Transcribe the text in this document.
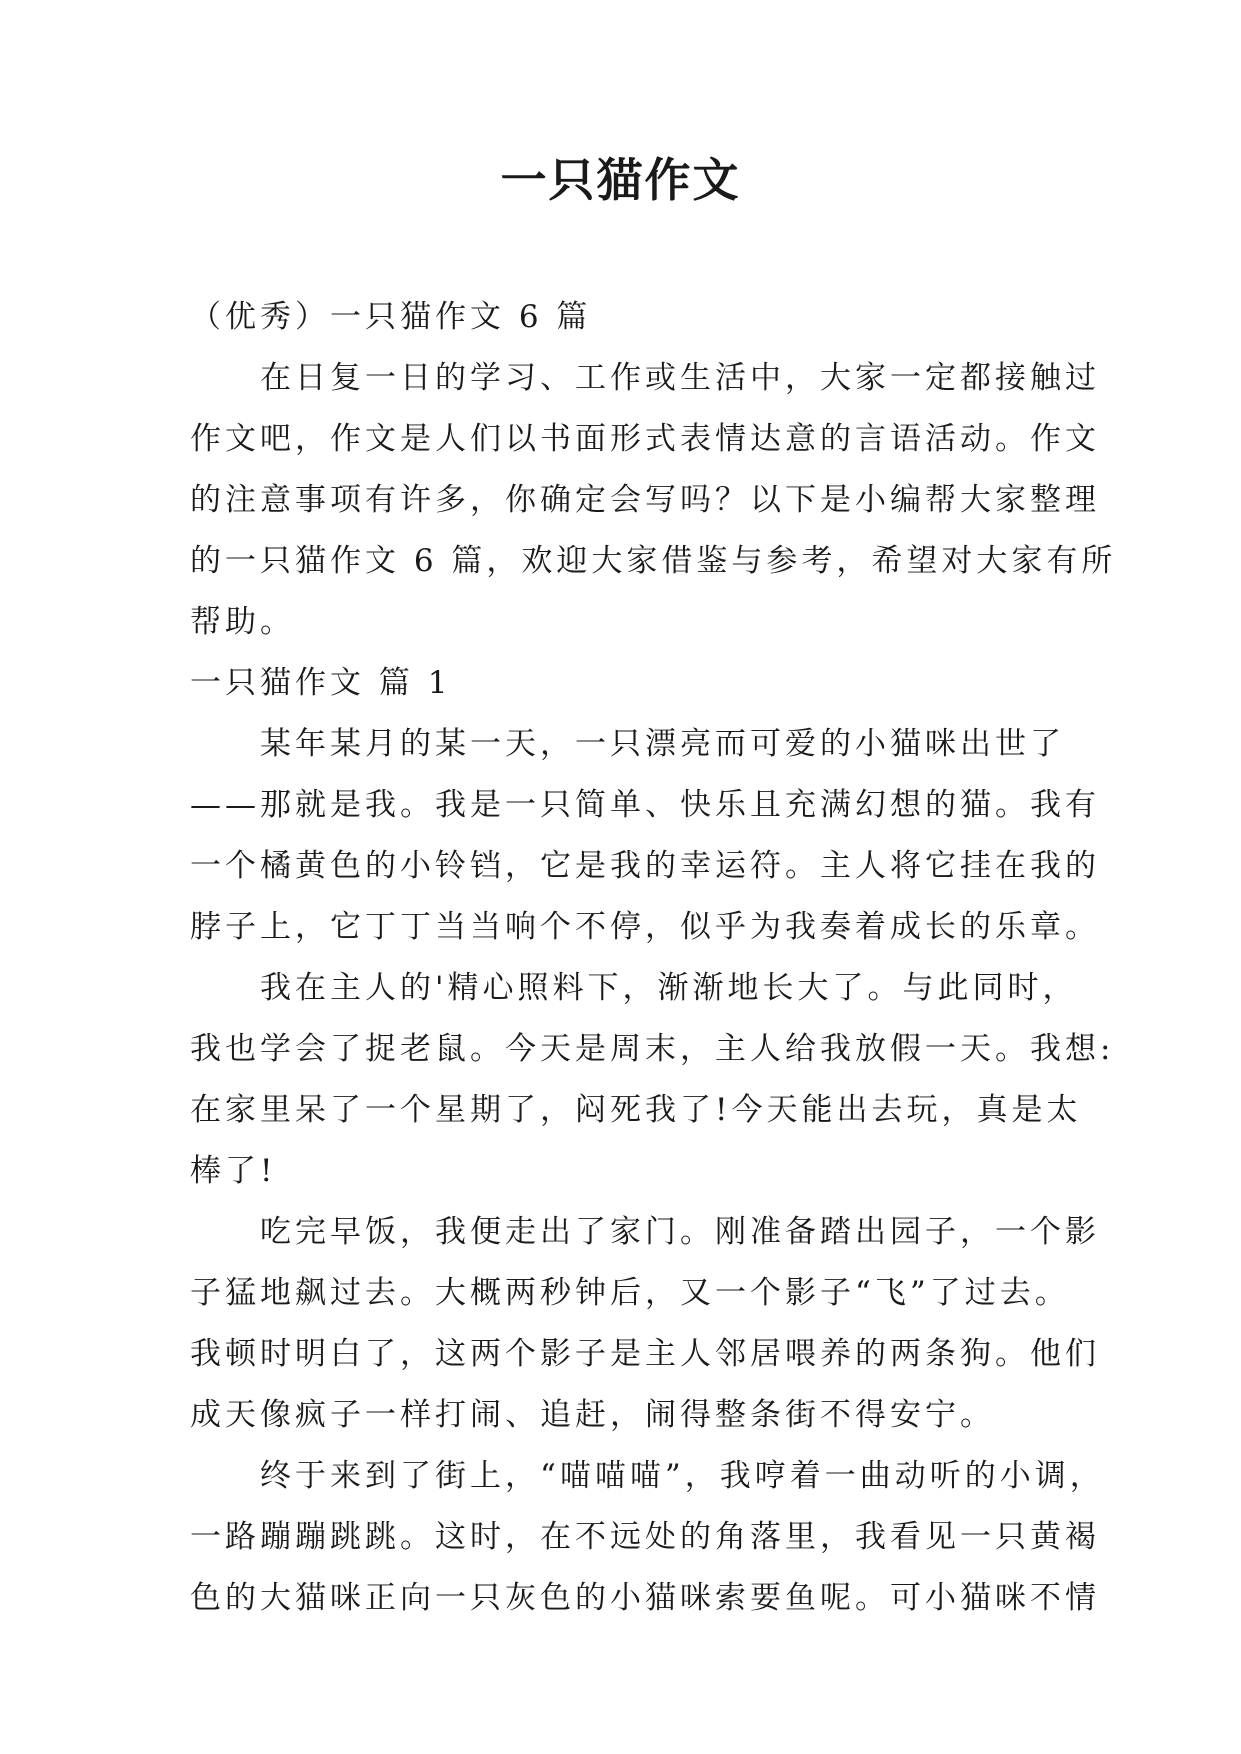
一只猫作文
（优秀）一只猫作文 6 篇
在日复一日的学习、工作或生活中，大家一定都接触过
作文吧，作文是人们以书面形式表情达意的言语活动。作文
的注意事项有许多，你确定会写吗？以下是小编帮大家整理
的一只猫作文 6 篇，欢迎大家借鉴与参考，希望对大家有所
帮助。
一只猫作文 篇 1
某年某月的某一天，一只漂亮而可爱的小猫咪出世了
——那就是我。我是一只简单、快乐且充满幻想的猫。我有
一个橘黄色的小铃铛，它是我的幸运符。主人将它挂在我的
脖子上，它丁丁当当响个不停，似乎为我奏着成长的乐章。
我在主人的'精心照料下，渐渐地长大了。与此同时，
我也学会了捉老鼠。今天是周末，主人给我放假一天。我想:
在家里呆了一个星期了，闷死我了!今天能出去玩，真是太
棒了!
吃完早饭，我便走出了家门。刚准备踏出园子，一个影
子猛地飙过去。大概两秒钟后，又一个影子“飞”了过去。
我顿时明白了，这两个影子是主人邻居喂养的两条狗。他们
成天像疯子一样打闹、追赶，闹得整条街不得安宁。
终于来到了街上，“喵喵喵”，我哼着一曲动听的小调，
一路蹦蹦跳跳。这时，在不远处的角落里，我看见一只黄褐
色的大猫咪正向一只灰色的小猫咪索要鱼呢。可小猫咪不情
